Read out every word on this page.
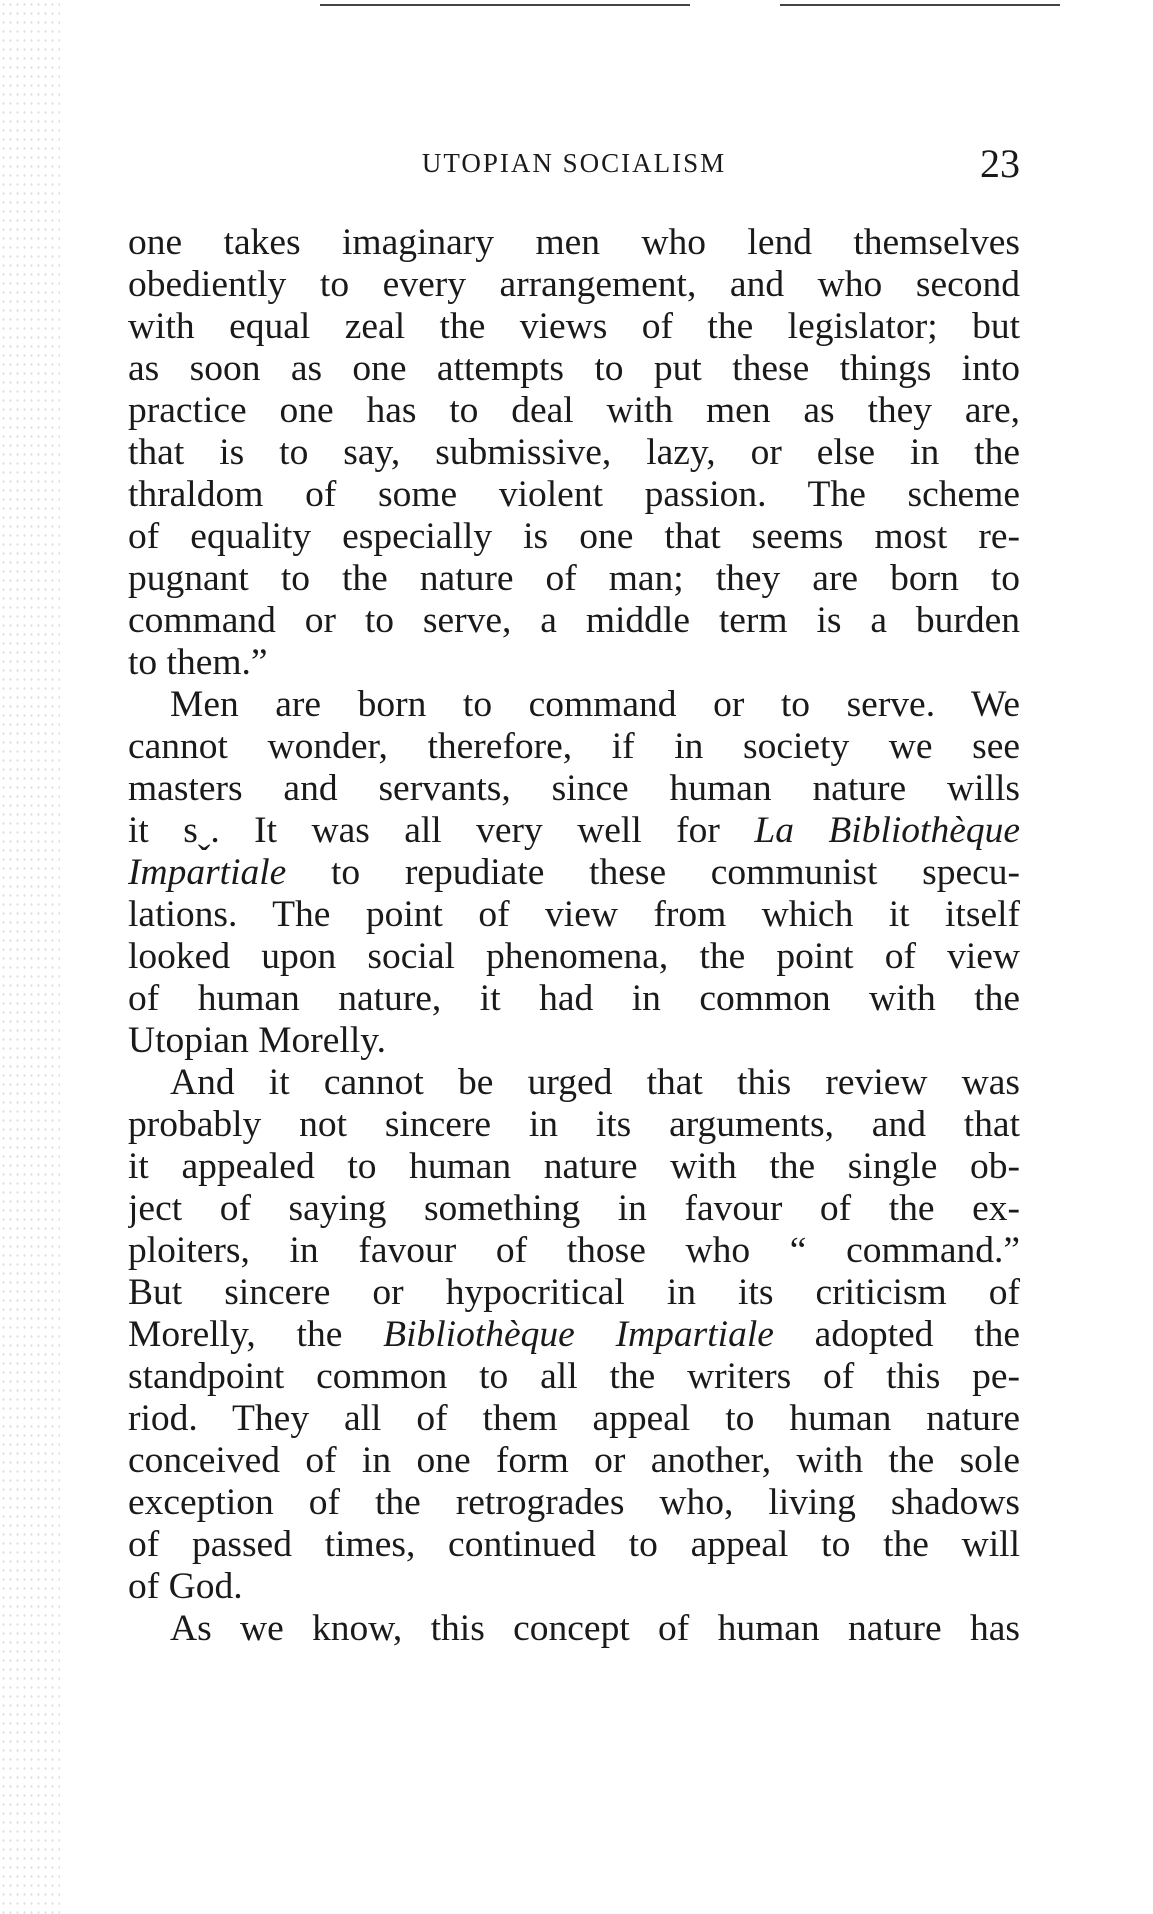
UTOPIAN SOCIALISM	23
one takes imaginary men who lend themselves
obediently to every arrangement, and who second
with equal zeal the views of the legislator; but
as soon as one attempts to put these things into
practice one has to deal with men as they are,
that is to say, submissive, lazy, or else in the
thraldom of some violent passion. The scheme
of equality especially is one that seems most re-
pugnant to the nature of man; they are born to
command or to serve, a middle term is a burden
to them.”
Men are born to command or to serve. We
cannot wonder, therefore, if in society we see
masters and servants, since human nature wills
it sˬ. It was all very well for La Bibliothèque
Impartiale to repudiate these communist specu-
lations. The point of view from which it itself
looked upon social phenomena, the point of view
of human nature, it had in common with the
Utopian Morelly.
And it cannot be urged that this review was
probably not sincere in its arguments, and that
it appealed to human nature with the single ob-
ject of saying something in favour of the ex-
ploiters, in favour of those who “ command.”
But sincere or hypocritical in its criticism of
Morelly, the Bibliothèque Impartiale adopted the
standpoint common to all the writers of this pe-
riod. They all of them appeal to human nature
conceived of in one form or another, with the sole
exception of the retrogrades who, living shadows
of passed times, continued to appeal to the will
of God.
As we know, this concept of human nature has
